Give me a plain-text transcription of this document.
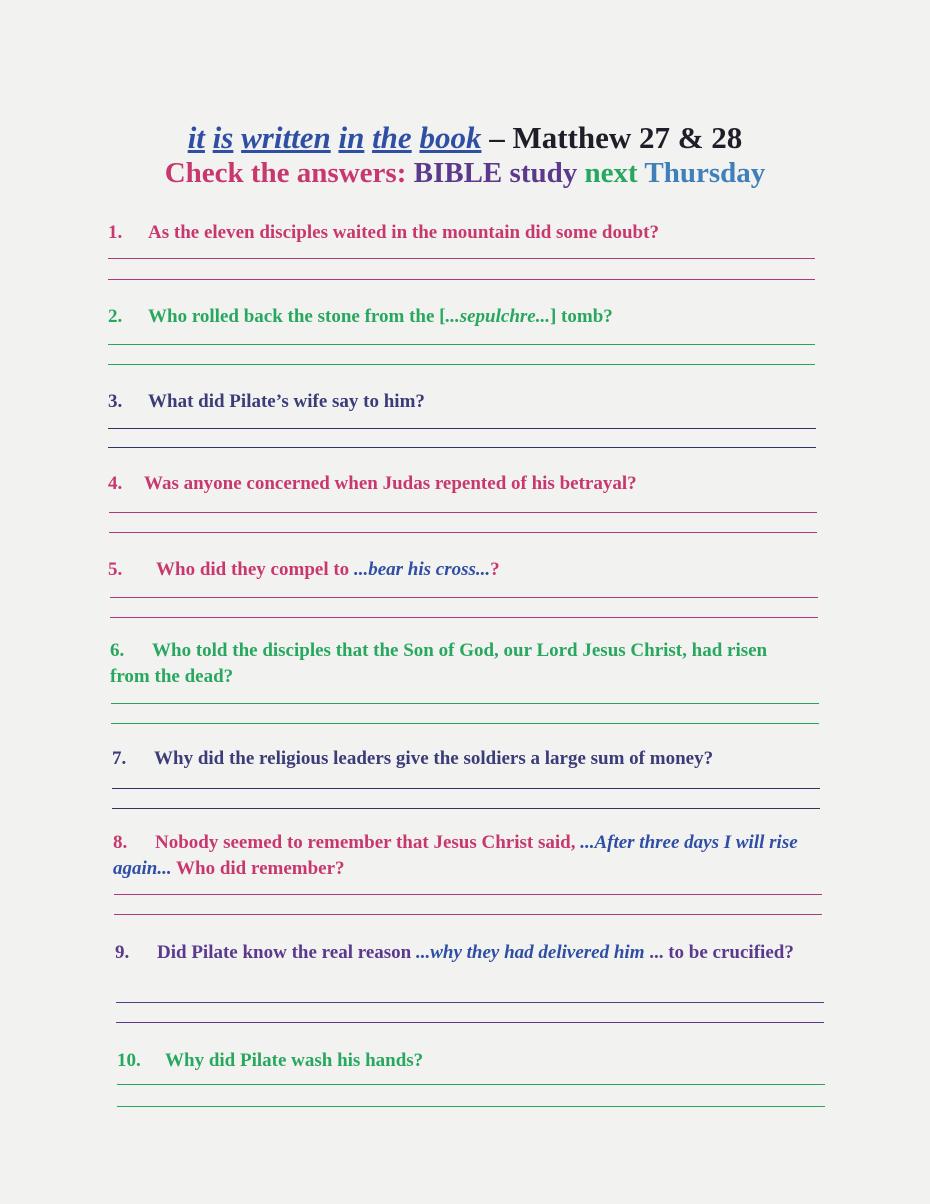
it is written in the book – Matthew 27 & 28
Check the answers: BIBLE study next Thursday
1. As the eleven disciples waited in the mountain did some doubt?
2. Who rolled back the stone from the [...sepulchre...] tomb?
3. What did Pilate’s wife say to him?
4. Was anyone concerned when Judas repented of his betrayal?
5. Who did they compel to ...bear his cross...?
6. Who told the disciples that the Son of God, our Lord Jesus Christ, had risen from the dead?
7. Why did the religious leaders give the soldiers a large sum of money?
8. Nobody seemed to remember that Jesus Christ said, ...After three days I will rise again... Who did remember?
9. Did Pilate know the real reason ...why they had delivered him ... to be crucified?
10. Why did Pilate wash his hands?
